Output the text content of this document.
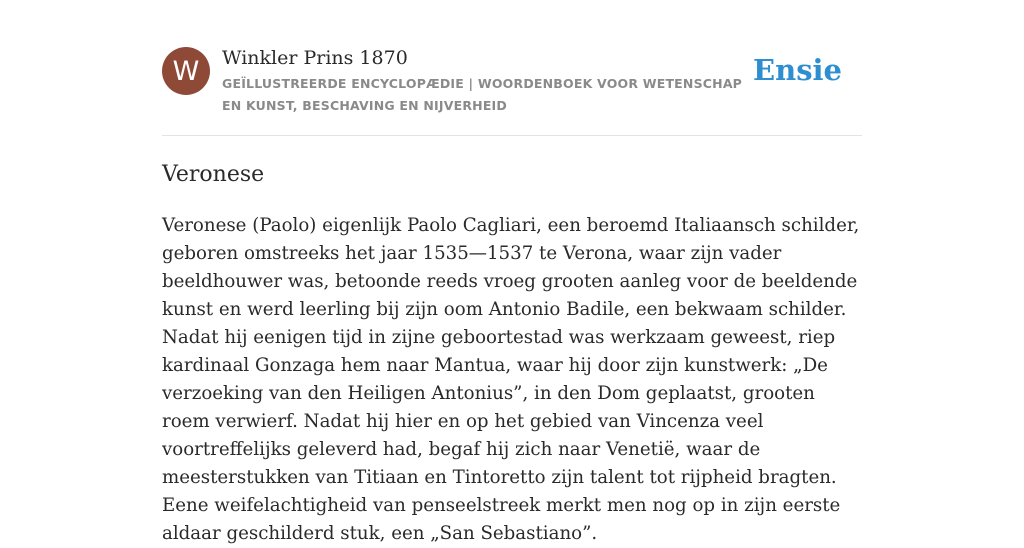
W	Winkler Prins 1870
GEÏLLUSTREERDE ENCYCLOPÆDIE | WOORDENBOEK VOOR WETENSCHAP EN KUNST, BESCHAVING EN NIJVERHEID
Ensie
Veronese

Veronese (Paolo) eigenlijk Paolo Cagliari, een beroemd Italiaansch schilder, geboren omstreeks het jaar 1535—1537 te Verona, waar zijn vader beeldhouwer was, betoonde reeds vroeg grooten aanleg voor de beeldende kunst en werd leerling bij zijn oom Antonio Badile, een bekwaam schilder. Nadat hij eenigen tijd in zijne geboortestad was werkzaam geweest, riep kardinaal Gonzaga hem naar Mantua, waar hij door zijn kunstwerk: „De verzoeking van den Heiligen Antonius”, in den Dom geplaatst, grooten roem verwierf. Nadat hij hier en op het gebied van Vincenza veel voortreffelijks geleverd had, begaf hij zich naar Venetië, waar de meesterstukken van Titiaan en Tintoretto zijn talent tot rijpheid bragten. Eene weifelachtigheid van penseelstreek merkt men nog op in zijn eerste aldaar geschilderd stuk, een „San Sebastiano”.
